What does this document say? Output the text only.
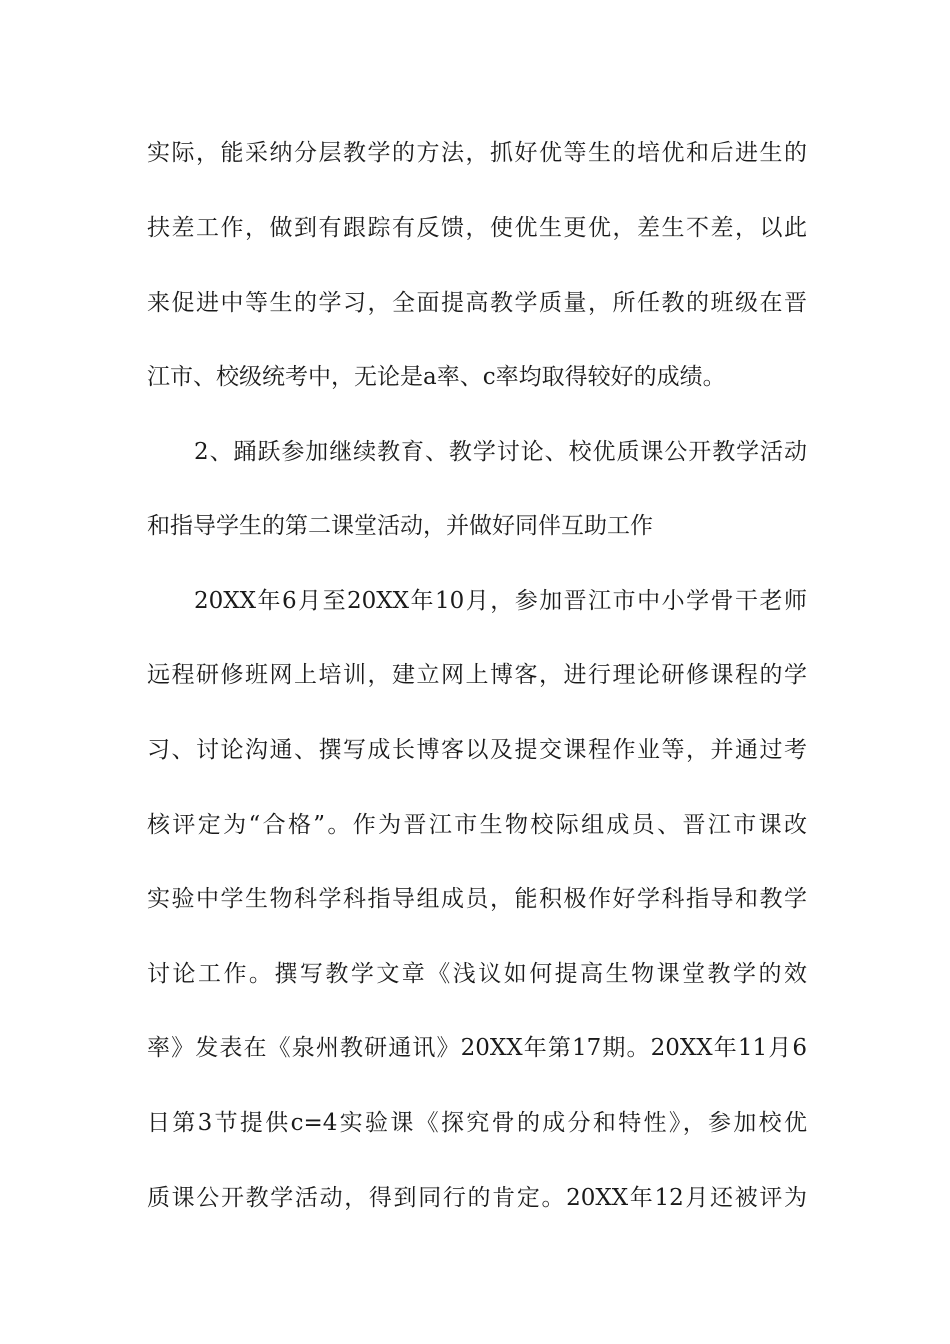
实际，能采纳分层教学的方法，抓好优等生的培优和后进生的
扶差工作，做到有跟踪有反馈，使优生更优，差生不差，以此
来促进中等生的学习，全面提高教学质量，所任教的班级在晋
江市、校级统考中，无论是a率、c率均取得较好的成绩。
2、踊跃参加继续教育、教学讨论、校优质课公开教学活动
和指导学生的第二课堂活动，并做好同伴互助工作
20XX年6月至20XX年10月，参加晋江市中小学骨干老师
远程研修班网上培训，建立网上博客，进行理论研修课程的学
习、讨论沟通、撰写成长博客以及提交课程作业等，并通过考
核评定为“合格”。作为晋江市生物校际组成员、晋江市课改
实验中学生物科学科指导组成员，能积极作好学科指导和教学
讨论工作。撰写教学文章《浅议如何提高生物课堂教学的效
率》发表在《泉州教研通讯》20XX年第17期。20XX年11月6
日第3节提供c=4实验课《探究骨的成分和特性》，参加校优
质课公开教学活动，得到同行的肯定。20XX年12月还被评为
